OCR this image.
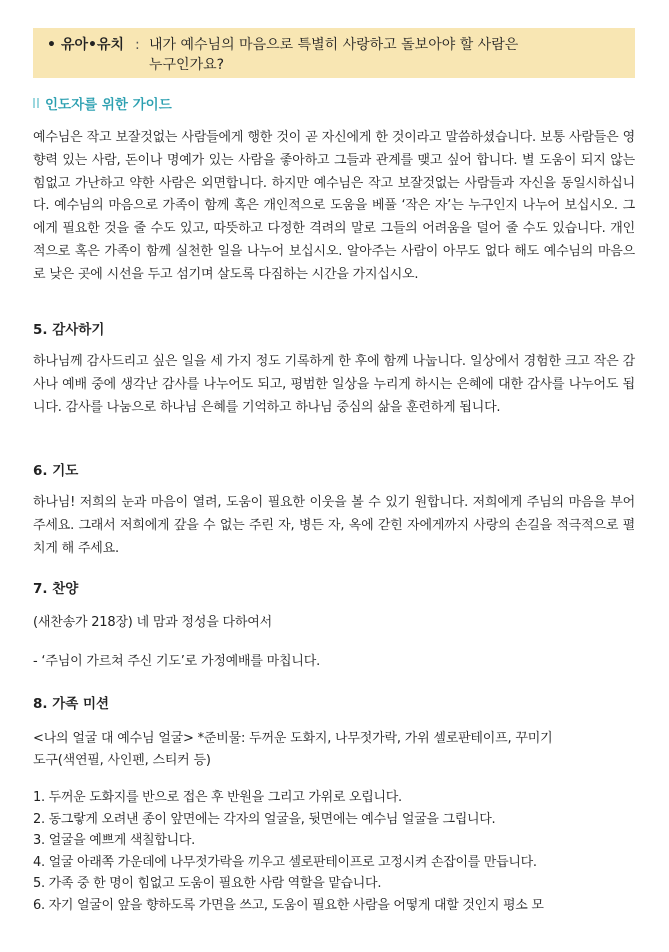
• 유아•유치 : 내가 예수님의 마음으로 특별히 사랑하고 돌보아야 할 사람은
누구인가요?
인도자를 위한 가이드

예수님은 작고 보잘것없는 사람들에게 행한 것이 곧 자신에게 한 것이라고 말씀하셨습니다. 보통 사람들은 영향력 있는 사람, 돈이나 명예가 있는 사람을 좋아하고 그들과 관계를 맺고 싶어 합니다. 별 도움이 되지 않는 힘없고 가난하고 약한 사람은 외면합니다. 하지만 예수님은 작고 보잘것없는 사람들과 자신을 동일시하십니다. 예수님의 마음으로 가족이 함께 혹은 개인적으로 도움을 베풀 ‘작은 자’는 누구인지 나누어 보십시오. 그에게 필요한 것을 줄 수도 있고, 따뜻하고 다정한 격려의 말로 그들의 어려움을 덜어 줄 수도 있습니다. 개인적으로 혹은 가족이 함께 실천한 일을 나누어 보십시오. 알아주는 사람이 아무도 없다 해도 예수님의 마음으로 낮은 곳에 시선을 두고 섬기며 살도록 다짐하는 시간을 가지십시오.

5. 감사하기

하나님께 감사드리고 싶은 일을 세 가지 정도 기록하게 한 후에 함께 나눕니다. 일상에서 경험한 크고 작은 감사나 예배 중에 생각난 감사를 나누어도 되고, 평범한 일상을 누리게 하시는 은혜에 대한 감사를 나누어도 됩니다. 감사를 나눔으로 하나님 은혜를 기억하고 하나님 중심의 삶을 훈련하게 됩니다.

6. 기도

하나님! 저희의 눈과 마음이 열려, 도움이 필요한 이웃을 볼 수 있기 원합니다. 저희에게 주님의 마음을 부어 주세요. 그래서 저희에게 갚을 수 없는 주린 자, 병든 자, 옥에 갇힌 자에게까지 사랑의 손길을 적극적으로 펼치게 해 주세요.

7. 찬양

(새찬송가 218장) 네 맘과 정성을 다하여서

- ‘주님이 가르쳐 주신 기도’로 가정예배를 마칩니다.

8. 가족 미션

<나의 얼굴 대 예수님 얼굴> *준비물: 두꺼운 도화지, 나무젓가락, 가위 셀로판테이프, 꾸미기

도구(색연필, 사인펜, 스티커 등)

1. 두꺼운 도화지를 반으로 접은 후 반원을 그리고 가위로 오립니다.
2. 동그랗게 오려낸 종이 앞면에는 각자의 얼굴을, 뒷면에는 예수님 얼굴을 그립니다.
3. 얼굴을 예쁘게 색칠합니다.
4. 얼굴 아래쪽 가운데에 나무젓가락을 끼우고 셀로판테이프로 고정시켜 손잡이를 만듭니다.
5. 가족 중 한 명이 힘없고 도움이 필요한 사람 역할을 맡습니다.
6. 자기 얼굴이 앞을 향하도록 가면을 쓰고, 도움이 필요한 사람을 어떻게 대할 것인지 평소 모
